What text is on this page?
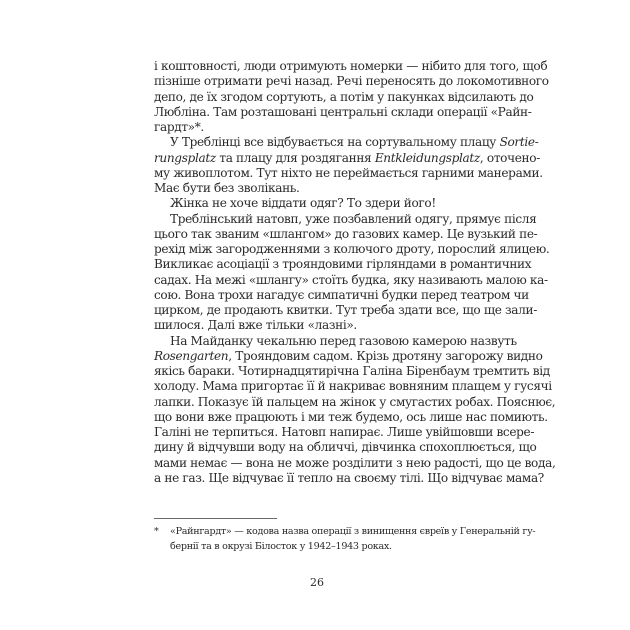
і коштовності, люди отримують номерки — нібито для того, щоб
пізніше отримати речі назад. Речі переносять до локомотивного
депо, де їх згодом сортують, а потім у пакунках відсилають до
Любліна. Там розташовані центральні склади операції «Райн-
гардт»*.
У Треблінці все відбувається на сортувальному плацу Sortie-
rungsplatz та плацу для роздягання Entkleidungsplatz, оточено-
му живоплотом. Тут ніхто не переймається гарними манерами.
Має бути без зволікань.
Жінка не хоче віддати одяг? То здери його!
Треблінський натовп, уже позбавлений одягу, прямує після
цього так званим «шлангом» до газових камер. Це вузький пе-
рехід між загородженнями з колючого дроту, порослий ялицею.
Викликає асоціації з трояндовими гірляндами в романтичних
садах. На межі «шлангу» стоїть будка, яку називають малою ка-
сою. Вона трохи нагадує симпатичні будки перед театром чи
цирком, де продають квитки. Тут треба здати все, що ще зали-
шилося. Далі вже тільки «лазні».
На Майданку чекальню перед газовою камерою назвуть
Rosengarten, Трояндовим садом. Крізь дротяну загорожу видно
якісь бараки. Чотирнадцятирічна Галіна Біренбаум тремтить від
холоду. Мама пригортає її й накриває вовняним плащем у гусячі
лапки. Показує їй пальцем на жінок у смугастих робах. Пояснює,
що вони вже працюють і ми теж будемо, ось лише нас помиють.
Галіні не терпиться. Натовп напирає. Лише увійшовши всере-
дину й відчувши воду на обличчі, дівчинка спохоплюється, що
мами немає — вона не може розділити з нею радості, що це вода,
а не газ. Ще відчуває її тепло на своєму тілі. Що відчуває мама?
*	«Райнгардт» — кодова назва операції з винищення євреїв у Генеральній гу-
бернії та в окрузі Білосток у 1942–1943 роках.
26
